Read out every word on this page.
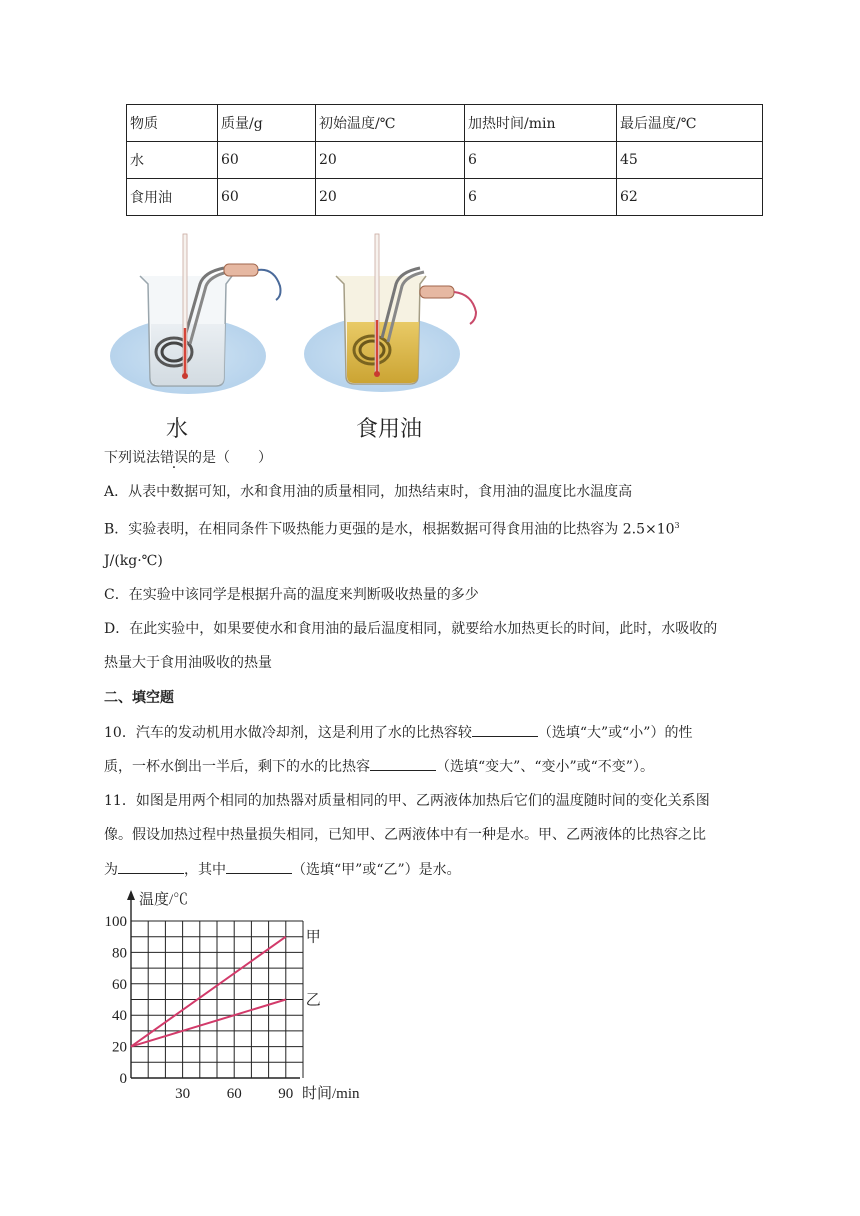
物质	质量/g	初始温度/℃	加热时间/min	最后温度/℃
水	60	20	6	45
食用油	60	20	6	62
水	食用油
下列说法错误的是（　　）
A．从表中数据可知，水和食用油的质量相同，加热结束时，食用油的温度比水温度高
B．实验表明，在相同条件下吸热能力更强的是水，根据数据可得食用油的比热容为 $2.5\times 10^3$
J/(kg·℃)
C．在实验中该同学是根据升高的温度来判断吸收热量的多少
D．在此实验中，如果要使水和食用油的最后温度相同，就要给水加热更长的时间，此时，水吸收的
热量大于食用油吸收的热量
二、填空题
10．汽车的发动机用水做冷却剂，这是利用了水的比热容较	（选填“大”或“小”）的性
质，一杯水倒出一半后，剩下的水的比热容	（选填“变大”、“变小”或“不变”）。
11．如图是用两个相同的加热器对质量相同的甲、乙两液体加热后它们的温度随时间的变化关系图
像。假设加热过程中热量损失相同，已知甲、乙两液体中有一种是水。甲、乙两液体的比热容之比
为	，其中	（选填“甲”或“乙”）是水。
0
20
40
60
80
100
30 60 90
温度/℃
时间/min
甲
乙
